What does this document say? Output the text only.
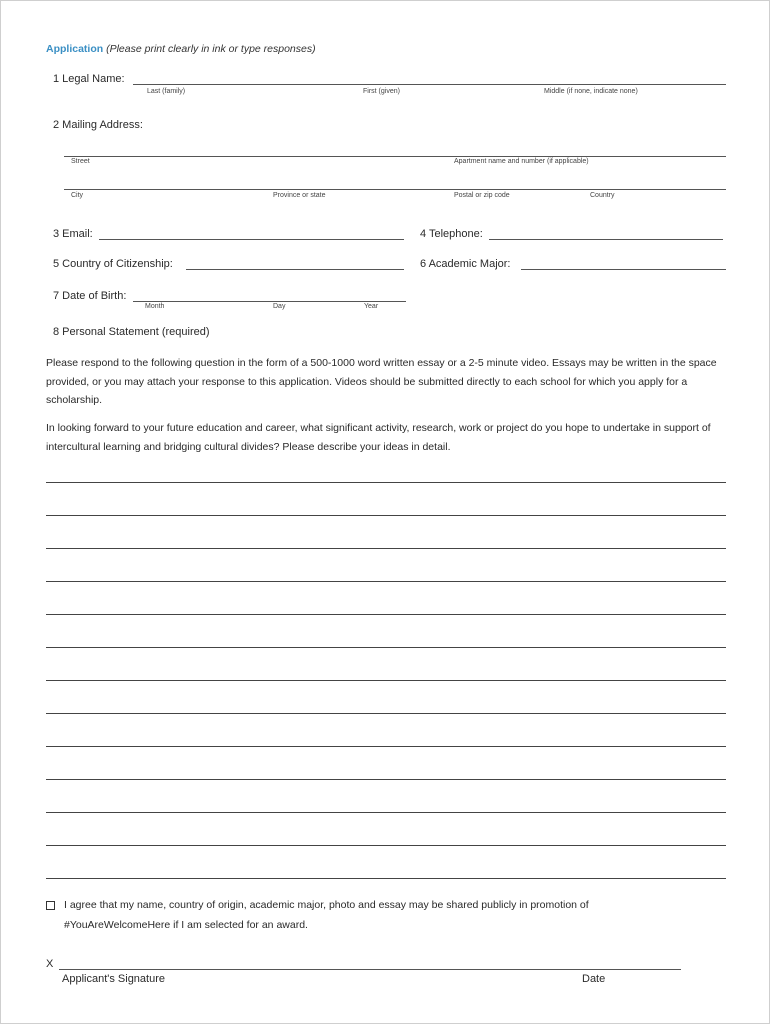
Application (Please print clearly in ink or type responses)
1 Legal Name:
Last (family)	First (given)	Middle (if none, indicate none)
2 Mailing Address:
Street	Apartment name and number (if applicable)
City	Province or state	Postal or zip code	Country
3 Email:	4 Telephone:
5 Country of Citizenship:	6 Academic Major:
7 Date of Birth:
Month	Day	Year
8 Personal Statement (required)
Please respond to the following question in the form of a 500-1000 word written essay or a 2-5 minute video. Essays may be written in the space provided, or you may attach your response to this application. Videos should be submitted directly to each school for which you apply for a scholarship.
In looking forward to your future education and career, what significant activity, research, work or project do you hope to undertake in support of intercultural learning and bridging cultural divides? Please describe your ideas in detail.
I agree that my name, country of origin, academic major, photo and essay may be shared publicly in promotion of
#YouAreWelcomeHere if I am selected for an award.
X
Applicant's Signature	Date
